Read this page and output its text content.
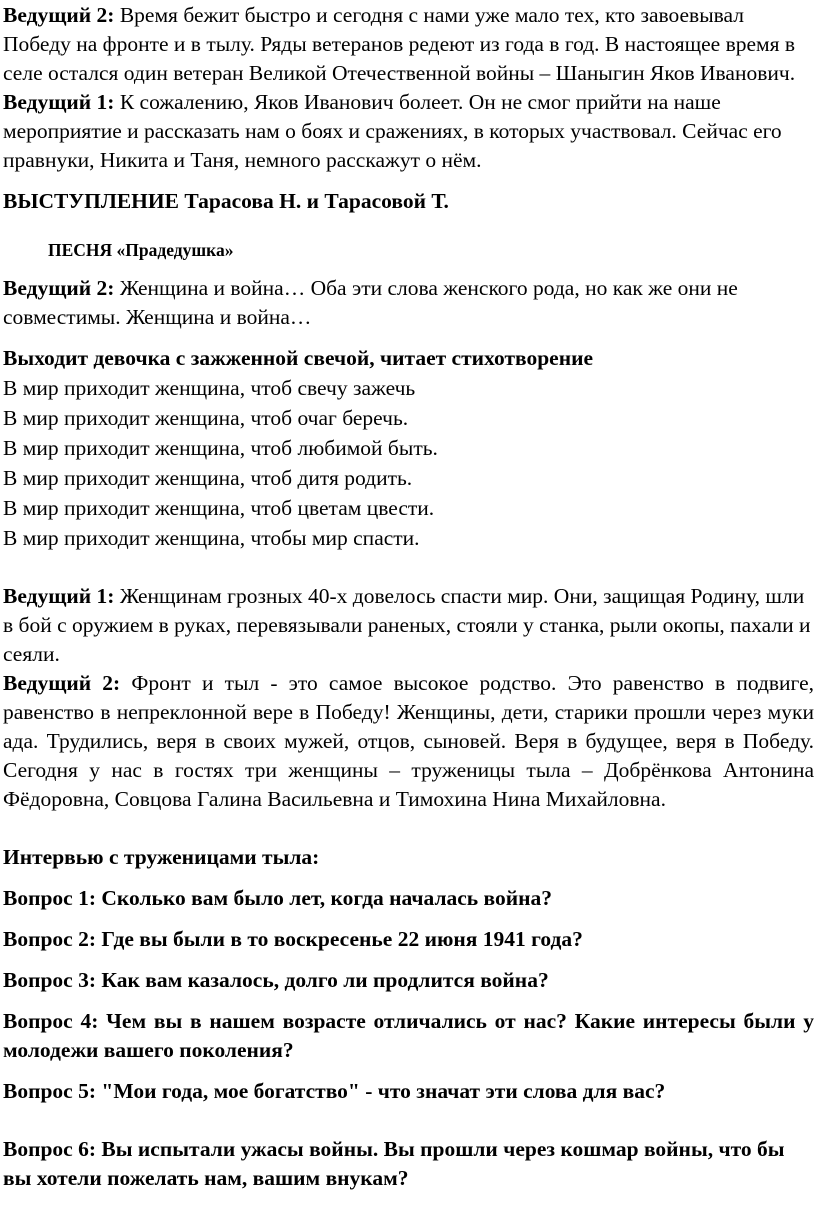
Ведущий 2: Время бежит быстро и сегодня с нами уже мало тех, кто завоевывал Победу на фронте и в тылу. Ряды ветеранов редеют из года в год. В настоящее время в селе остался один ветеран Великой Отечественной войны – Шаныгин Яков Иванович.

Ведущий 1: К сожалению, Яков Иванович болеет. Он не смог прийти на наше мероприятие и рассказать нам о боях и сражениях, в которых участвовал. Сейчас его правнуки, Никита и Таня, немного расскажут о нём.

ВЫСТУПЛЕНИЕ Тарасова Н. и Тарасовой Т.

ПЕСНЯ «Прадедушка»

Ведущий 2: Женщина и война… Оба эти слова женского рода, но как же они не совместимы. Женщина и война…

Выходит девочка с зажженной свечой, читает стихотворение

В мир приходит женщина, чтоб свечу зажечь

В мир приходит женщина, чтоб очаг беречь.

В мир приходит женщина, чтоб любимой быть.

В мир приходит женщина, чтоб дитя родить.

В мир приходит женщина, чтоб цветам цвести.

В мир приходит женщина, чтобы мир спасти.

Ведущий 1: Женщинам грозных 40-х довелось спасти мир. Они, защищая Родину, шли в бой с оружием в руках, перевязывали раненых, стояли у станка, рыли окопы, пахали и сеяли.

Ведущий 2: Фронт и тыл - это самое высокое родство. Это равенство в подвиге, равенство в непреклонной вере в Победу! Женщины, дети, старики прошли через муки ада. Трудились, веря в своих мужей, отцов, сыновей. Веря в будущее, веря в Победу. Сегодня у нас в гостях три женщины – труженицы тыла – Добрёнкова Антонина Фёдоровна, Совцова Галина Васильевна и Тимохина Нина Михайловна.

Интервью с труженицами тыла:

Вопрос 1: Сколько вам было лет, когда началась война?

Вопрос 2: Где вы были в то воскресенье 22 июня 1941 года?

Вопрос 3: Как вам казалось, долго ли продлится война?

Вопрос 4: Чем вы в нашем возрасте отличались от нас? Какие интересы были у молодежи вашего поколения?

Вопрос 5: "Мои года, мое богатство" - что значат эти слова для вас?

Вопрос 6: Вы испытали ужасы войны. Вы прошли через кошмар войны, что бы вы хотели пожелать нам, вашим внукам?
